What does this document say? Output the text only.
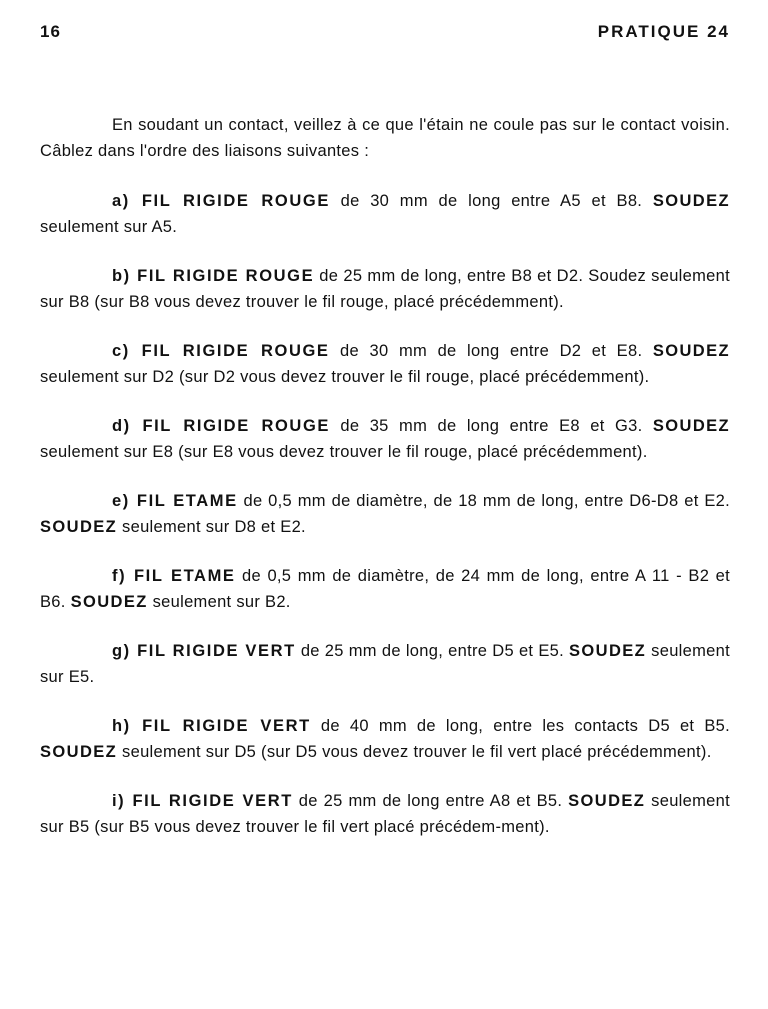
16	PRATIQUE 24

En soudant un contact, veillez à ce que l'étain ne coule pas sur le contact voisin. Câblez dans l'ordre des liaisons suivantes :

a) FIL RIGIDE ROUGE de 30 mm de long entre A5 et B8. SOUDEZ seulement sur A5.

b) FIL RIGIDE ROUGE de 25 mm de long, entre B8 et D2. Soudez seulement sur B8 (sur B8 vous devez trouver le fil rouge, placé précédemment).

c) FIL RIGIDE ROUGE de 30 mm de long entre D2 et E8. SOUDEZ seulement sur D2 (sur D2 vous devez trouver le fil rouge, placé précédemment).

d) FIL RIGIDE ROUGE de 35 mm de long entre E8 et G3. SOUDEZ seulement sur E8 (sur E8 vous devez trouver le fil rouge, placé précédemment).

e) FIL ETAME de 0,5 mm de diamètre, de 18 mm de long, entre D6-D8 et E2. SOUDEZ seulement sur D8 et E2.

f) FIL ETAME de 0,5 mm de diamètre, de 24 mm de long, entre A 11 - B2 et B6. SOUDEZ seulement sur B2.

g) FIL RIGIDE VERT de 25 mm de long, entre D5 et E5. SOUDEZ seulement sur E5.

h) FIL RIGIDE VERT de 40 mm de long, entre les contacts D5 et B5. SOUDEZ seulement sur D5 (sur D5 vous devez trouver le fil vert placé précédemment).

i) FIL RIGIDE VERT de 25 mm de long entre A8 et B5. SOUDEZ seulement sur B5 (sur B5 vous devez trouver le fil vert placé précédem-ment).
